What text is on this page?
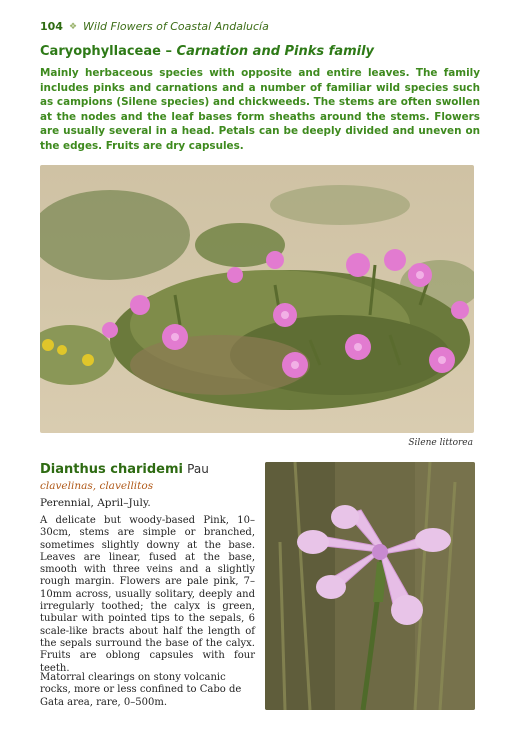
104 ❖ Wild Flowers of Coastal Andalucía
Caryophyllaceae – Carnation and Pinks family
Mainly herbaceous species with opposite and entire leaves. The family includes pinks and carnations and a number of familiar wild species such as campions (Silene species) and chickweeds. The stems are often swollen at the nodes and the leaf bases form sheaths around the stems. Flowers are usually several in a head. Petals can be deeply divided and uneven on the edges. Fruits are dry capsules.
Silene littorea
Dianthus charidemi Pau
clavelinas, clavellitos
Perennial, April–July.
A delicate but woody-based Pink, 10–30cm, stems are simple or branched, sometimes slightly downy at the base. Leaves are linear, fused at the base, smooth with three veins and a slightly rough margin. Flowers are pale pink, 7–10mm across, usually solitary, deeply and irregularly toothed; the calyx is green, tubular with pointed tips to the sepals, 6 scale-like bracts about half the length of the sepals surround the base of the calyx. Fruits are oblong capsules with four teeth.
Matorral clearings on stony volcanic rocks, more or less confined to Cabo de Gata area, rare, 0–500m.
